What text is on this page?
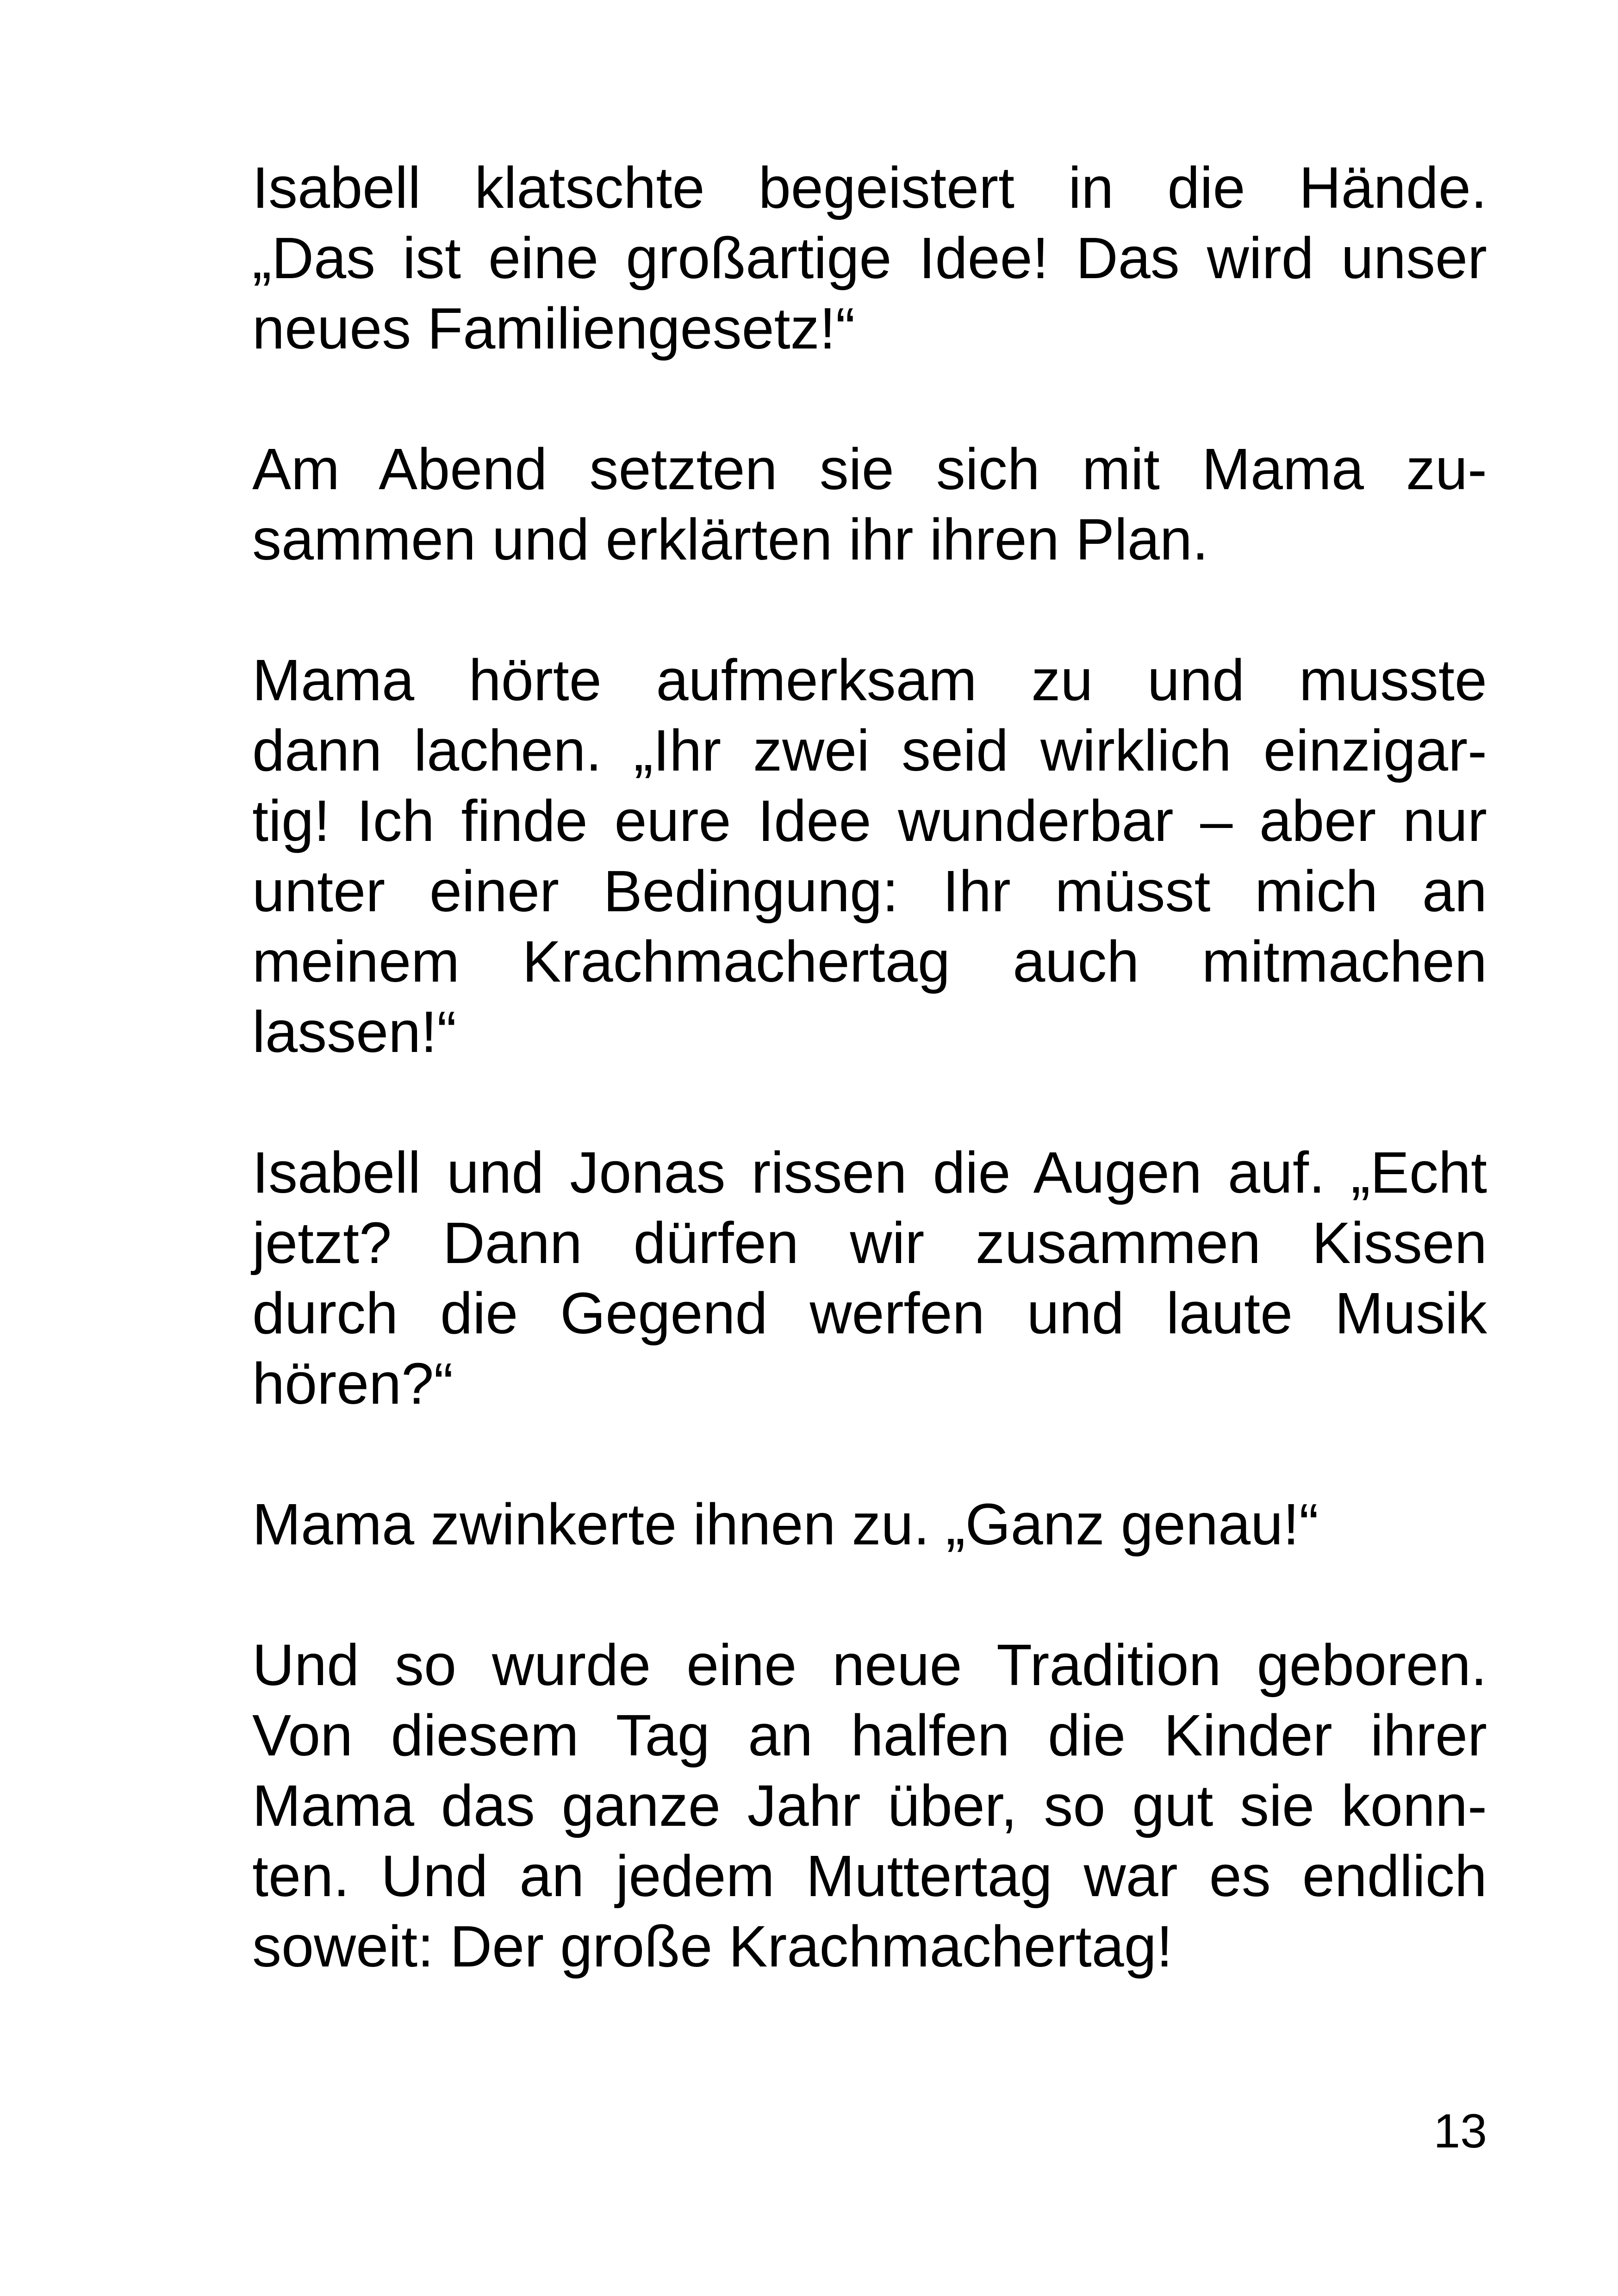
Isabell klatschte begeistert in die Hände.
„Das ist eine großartige Idee! Das wird unser
neues Familiengesetz!“

Am Abend setzten sie sich mit Mama zu-
sammen und erklärten ihr ihren Plan.

Mama hörte aufmerksam zu und musste
dann lachen. „Ihr zwei seid wirklich einzigar-
tig! Ich finde eure Idee wunderbar – aber nur
unter einer Bedingung: Ihr müsst mich an
meinem Krachmachertag auch mitmachen
lassen!“

Isabell und Jonas rissen die Augen auf. „Echt
jetzt? Dann dürfen wir zusammen Kissen
durch die Gegend werfen und laute Musik
hören?“

Mama zwinkerte ihnen zu. „Ganz genau!“

Und so wurde eine neue Tradition geboren.
Von diesem Tag an halfen die Kinder ihrer
Mama das ganze Jahr über, so gut sie konn-
ten. Und an jedem Muttertag war es endlich
soweit: Der große Krachmachertag!

13
